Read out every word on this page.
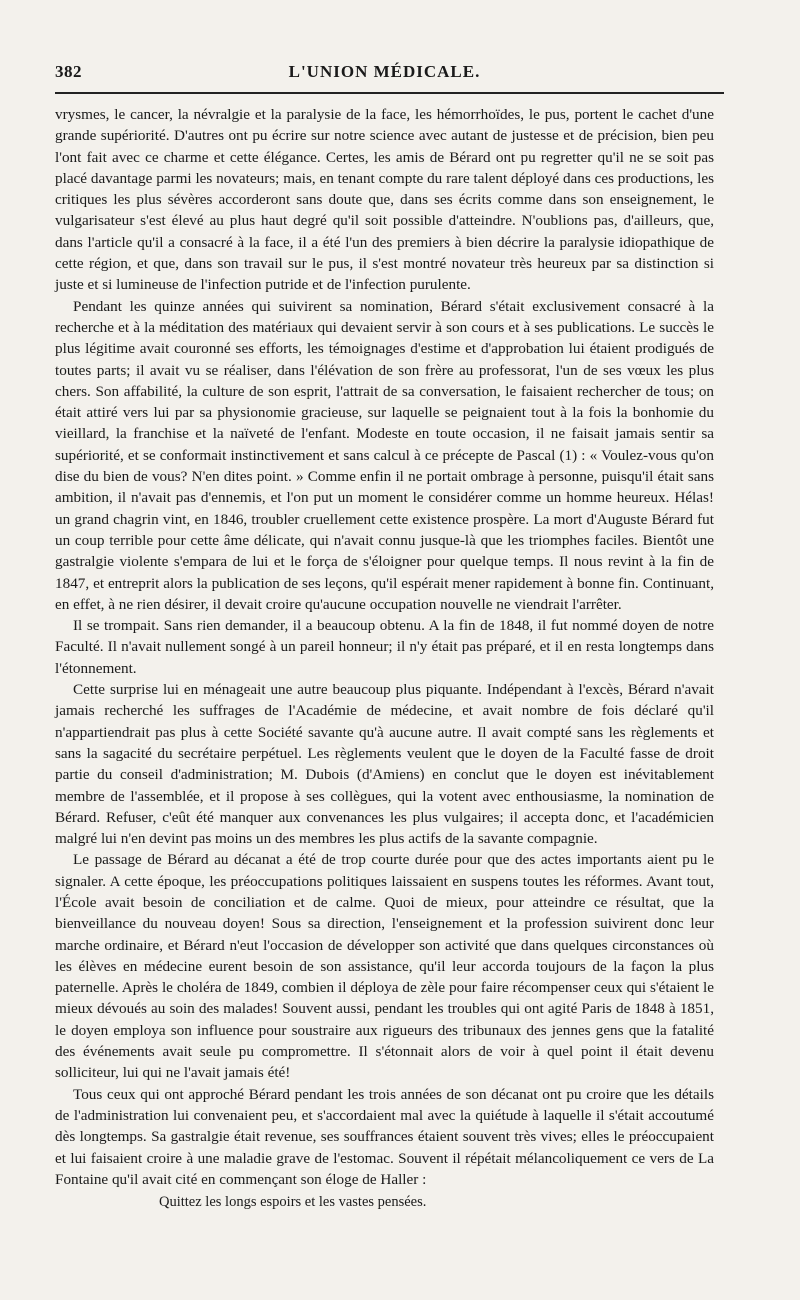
382	L'UNION MÉDICALE.

vrysmes, le cancer, la névralgie et la paralysie de la face, les hémorrhoïdes, le pus, portent le cachet d'une grande supériorité. D'autres ont pu écrire sur notre science avec autant de justesse et de précision, bien peu l'ont fait avec ce charme et cette élégance. Certes, les amis de Bérard ont pu regretter qu'il ne se soit pas placé davantage parmi les novateurs; mais, en tenant compte du rare talent déployé dans ces productions, les critiques les plus sévères accorderont sans doute que, dans ses écrits comme dans son enseignement, le vulgarisateur s'est élevé au plus haut degré qu'il soit possible d'atteindre. N'oublions pas, d'ailleurs, que, dans l'article qu'il a consacré à la face, il a été l'un des premiers à bien décrire la paralysie idiopathique de cette région, et que, dans son travail sur le pus, il s'est montré novateur très heureux par sa distinction si juste et si lumineuse de l'infection putride et de l'infection purulente.

Pendant les quinze années qui suivirent sa nomination, Bérard s'était exclusivement consacré à la recherche et à la méditation des matériaux qui devaient servir à son cours et à ses publications. Le succès le plus légitime avait couronné ses efforts, les témoignages d'estime et d'approbation lui étaient prodigués de toutes parts; il avait vu se réaliser, dans l'élévation de son frère au professorat, l'un de ses vœux les plus chers. Son affabilité, la culture de son esprit, l'attrait de sa conversation, le faisaient rechercher de tous; on était attiré vers lui par sa physionomie gracieuse, sur laquelle se peignaient tout à la fois la bonhomie du vieillard, la franchise et la naïveté de l'enfant. Modeste en toute occasion, il ne faisait jamais sentir sa supériorité, et se conformait instinctivement et sans calcul à ce précepte de Pascal (1) : « Voulez-vous qu'on dise du bien de vous? N'en dites point. » Comme enfin il ne portait ombrage à personne, puisqu'il était sans ambition, il n'avait pas d'ennemis, et l'on put un moment le considérer comme un homme heureux. Hélas! un grand chagrin vint, en 1846, troubler cruellement cette existence prospère. La mort d'Auguste Bérard fut un coup terrible pour cette âme délicate, qui n'avait connu jusque-là que les triomphes faciles. Bientôt une gastralgie violente s'empara de lui et le força de s'éloigner pour quelque temps. Il nous revint à la fin de 1847, et entreprit alors la publication de ses leçons, qu'il espérait mener rapidement à bonne fin. Continuant, en effet, à ne rien désirer, il devait croire qu'aucune occupation nouvelle ne viendrait l'arrêter.

Il se trompait. Sans rien demander, il a beaucoup obtenu. A la fin de 1848, il fut nommé doyen de notre Faculté. Il n'avait nullement songé à un pareil honneur; il n'y était pas préparé, et il en resta longtemps dans l'étonnement.

Cette surprise lui en ménageait une autre beaucoup plus piquante. Indépendant à l'excès, Bérard n'avait jamais recherché les suffrages de l'Académie de médecine, et avait nombre de fois déclaré qu'il n'appartiendrait pas plus à cette Société savante qu'à aucune autre. Il avait compté sans les règlements et sans la sagacité du secrétaire perpétuel. Les règlements veulent que le doyen de la Faculté fasse de droit partie du conseil d'administration; M. Dubois (d'Amiens) en conclut que le doyen est inévitablement membre de l'assemblée, et il propose à ses collègues, qui la votent avec enthousiasme, la nomination de Bérard. Refuser, c'eût été manquer aux convenances les plus vulgaires; il accepta donc, et l'académicien malgré lui n'en devint pas moins un des membres les plus actifs de la savante compagnie.

Le passage de Bérard au décanat a été de trop courte durée pour que des actes importants aient pu le signaler. A cette époque, les préoccupations politiques laissaient en suspens toutes les réformes. Avant tout, l'École avait besoin de conciliation et de calme. Quoi de mieux, pour atteindre ce résultat, que la bienveillance du nouveau doyen! Sous sa direction, l'enseignement et la profession suivirent donc leur marche ordinaire, et Bérard n'eut l'occasion de développer son activité que dans quelques circonstances où les élèves en médecine eurent besoin de son assistance, qu'il leur accorda toujours de la façon la plus paternelle. Après le choléra de 1849, combien il déploya de zèle pour faire récompenser ceux qui s'étaient le mieux dévoués au soin des malades! Souvent aussi, pendant les troubles qui ont agité Paris de 1848 à 1851, le doyen employa son influence pour soustraire aux rigueurs des tribunaux des jennes gens que la fatalité des événements avait seule pu compromettre. Il s'étonnait alors de voir à quel point il était devenu solliciteur, lui qui ne l'avait jamais été!

Tous ceux qui ont approché Bérard pendant les trois années de son décanat ont pu croire que les détails de l'administration lui convenaient peu, et s'accordaient mal avec la quiétude à laquelle il s'était accoutumé dès longtemps. Sa gastralgie était revenue, ses souffrances étaient souvent très vives; elles le préoccupaient et lui faisaient croire à une maladie grave de l'estomac. Souvent il répétait mélancoliquement ce vers de La Fontaine qu'il avait cité en commençant son éloge de Haller :

Quittez les longs espoirs et les vastes pensées.
